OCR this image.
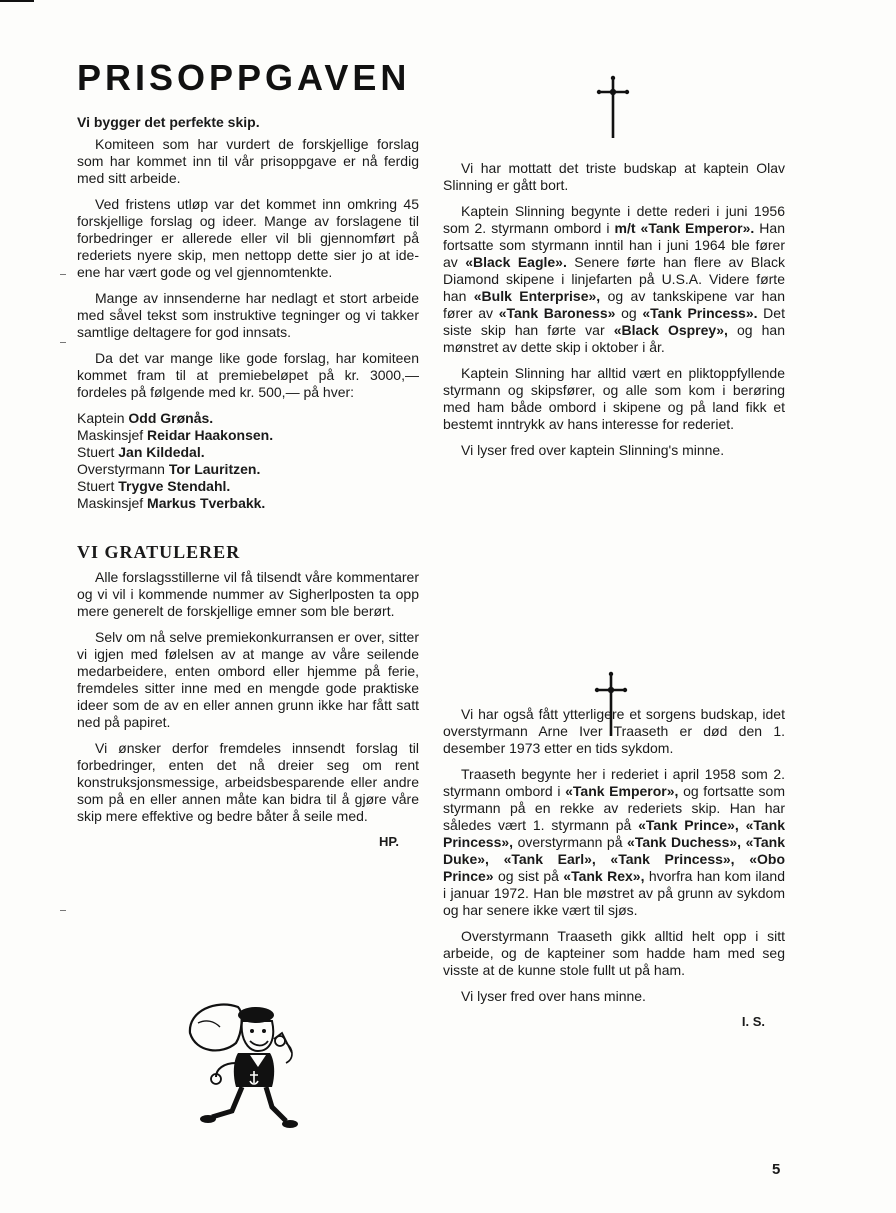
PRISOPPGAVEN
Vi bygger det perfekte skip.

Komiteen som har vurdert de forskjellige forslag som har kommet inn til vår prisoppgave er nå ferdig med sitt arbeide.

Ved fristens utløp var det kommet inn omkring 45 forskjellige forslag og ideer. Mange av forslagene til forbedringer er allerede eller vil bli gjennomført på rederiets nyere skip, men nettopp dette sier jo at ideene har vært gode og vel gjennomtenkte.

Mange av innsenderne har nedlagt et stort arbeide med såvel tekst som instruktive tegninger og vi takker samtlige deltagere for god innsats.

Da det var mange like gode forslag, har komiteen kommet fram til at premiebeløpet på kr. 3000,— fordeles på følgende med kr. 500,— på hver:

Kaptein Odd Grønås.
Maskinsjef Reidar Haakonsen.
Stuert Jan Kildedal.
Overstyrmann Tor Lauritzen.
Stuert Trygve Stendahl.
Maskinsjef Markus Tverbakk.
VI GRATULERER

Alle forslagsstillerne vil få tilsendt våre kommentarer og vi vil i kommende nummer av Sigherlposten ta opp mere generelt de forskjellige emner som ble berørt.

Selv om nå selve premiekonkurransen er over, sitter vi igjen med følelsen av at mange av våre seilende medarbeidere, enten ombord eller hjemme på ferie, fremdeles sitter inne med en mengde gode praktiske ideer som de av en eller annen grunn ikke har fått satt ned på papiret.

Vi ønsker derfor fremdeles innsendt forslag til forbedringer, enten det nå dreier seg om rent konstruksjonsmessige, arbeidsbesparende eller andre som på en eller annen måte kan bidra til å gjøre våre skip mere effektive og bedre båter å seile med.

HP.

Vi har mottatt det triste budskap at kaptein Olav Slinning er gått bort.

Kaptein Slinning begynte i dette rederi i juni 1956 som 2. styrmann ombord i m/t «Tank Emperor». Han fortsatte som styrmann inntil han i juni 1964 ble fører av «Black Eagle». Senere førte han flere av Black Diamond skipene i linjefarten på U.S.A. Videre førte han «Bulk Enterprise», og av tankskipene var han fører av «Tank Baroness» og «Tank Princess». Det siste skip han førte var «Black Osprey», og han mønstret av dette skip i oktober i år.

Kaptein Slinning har alltid vært en pliktoppfyllende styrmann og skipsfører, og alle som kom i berøring med ham både ombord i skipene og på land fikk et bestemt inntrykk av hans interesse for rederiet.

Vi lyser fred over kaptein Slinning's minne.

Vi har også fått ytterligere et sorgens budskap, idet overstyrmann Arne Iver Traaseth er død den 1. desember 1973 etter en tids sykdom.

Traaseth begynte her i rederiet i april 1958 som 2. styrmann ombord i «Tank Emperor», og fortsatte som styrmann på en rekke av rederiets skip. Han har således vært 1. styrmann på «Tank Prince», «Tank Princess», overstyrmann på «Tank Duchess», «Tank Duke», «Tank Earl», «Tank Princess», «Obo Prince» og sist på «Tank Rex», hvorfra han kom iland i januar 1972. Han ble møstret av på grunn av sykdom og har senere ikke vært til sjøs.

Overstyrmann Traaseth gikk alltid helt opp i sitt arbeide, og de kapteiner som hadde ham med seg visste at de kunne stole fullt ut på ham.

Vi lyser fred over hans minne.

I. S.
5
